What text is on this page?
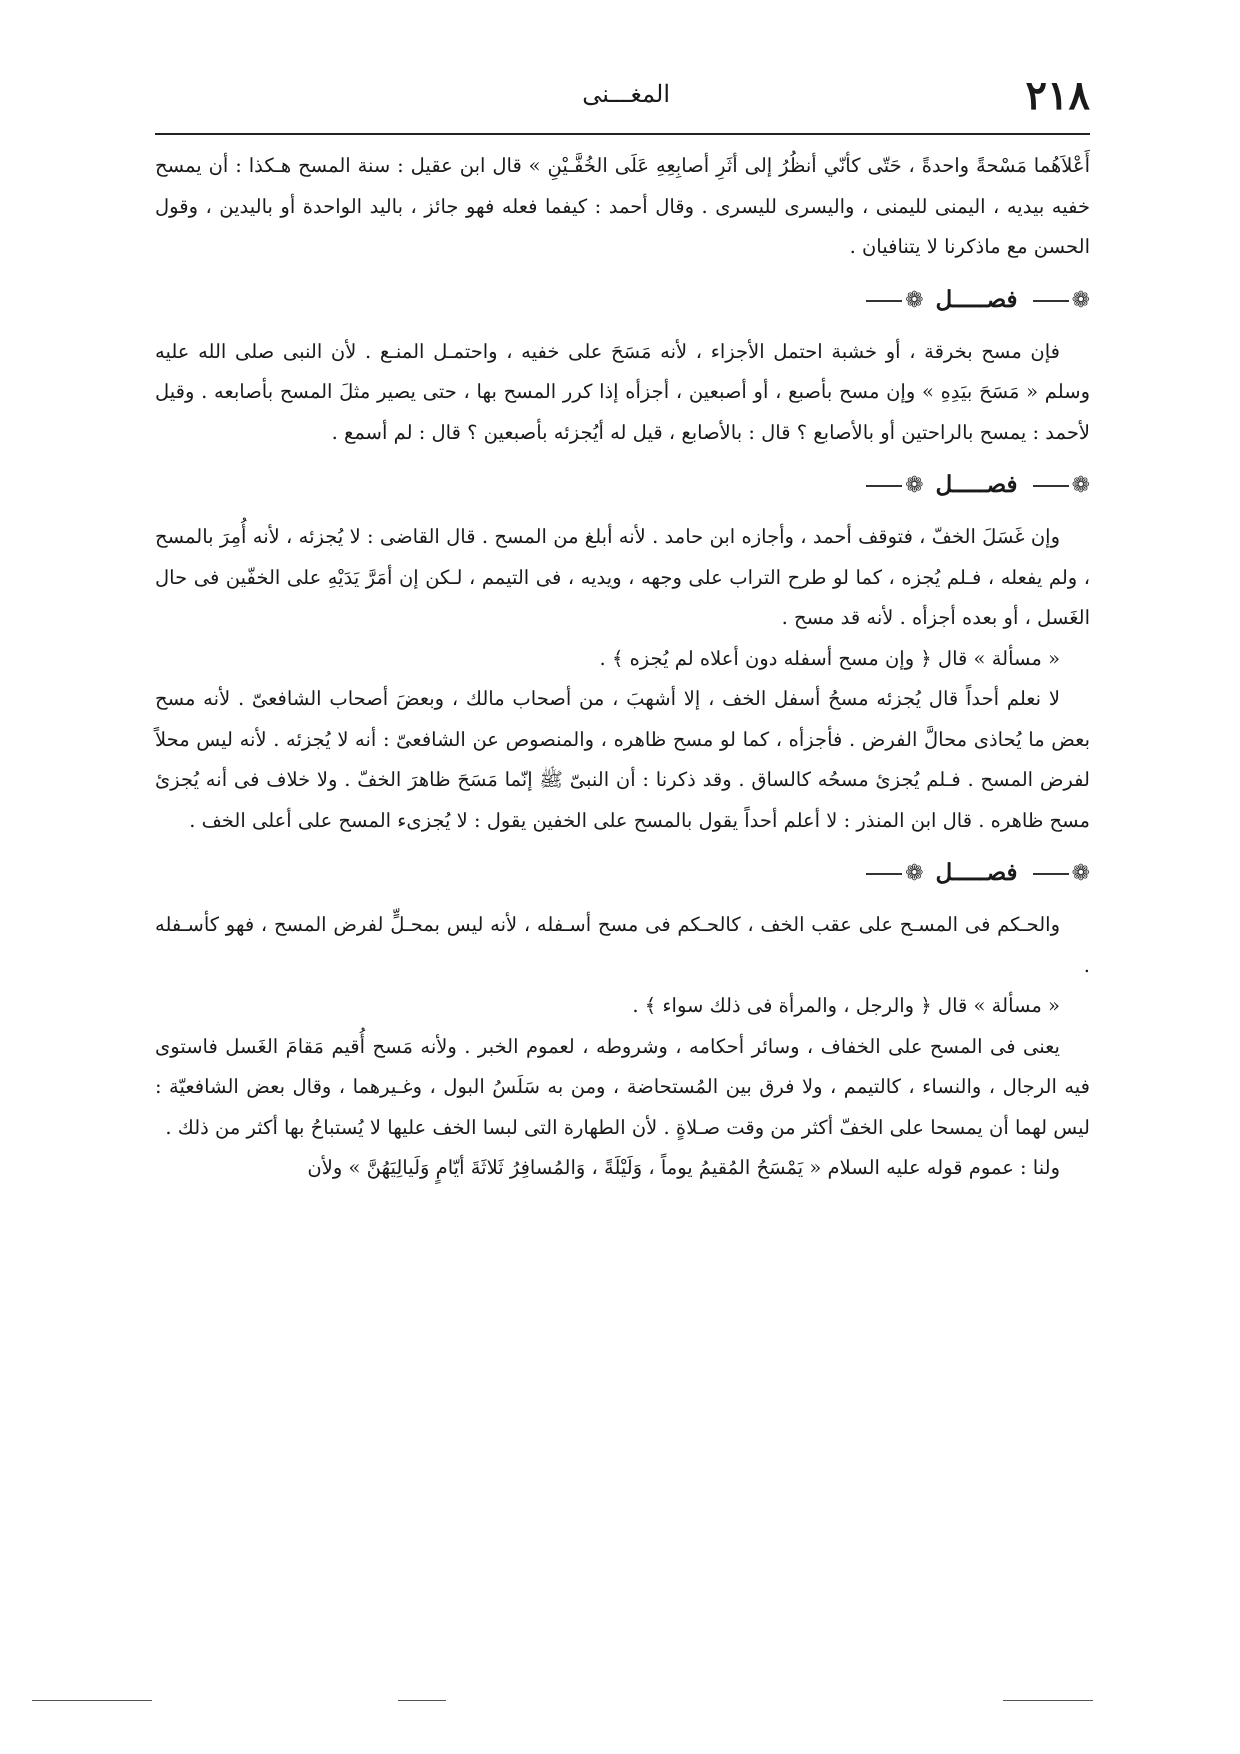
٢١٨
المغـــنى

أَعْلاَهُما مَسْحةً واحدةً ، حَتّى كأنّي أنظُرُ إلى أثَرِ أصابِعِهِ عَلَى الخُفَّـيْنِ » قال ابن عقيل : سنة المسح هـكذا : أن يمسح خفيه بيديه ، اليمنى لليمنى ، واليسرى لليسرى . وقال أحمد : كيفما فعله فهو جائز ، باليد الواحدة أو باليدين ، وقول الحسن مع ماذكرنا لا يتنافيان .

❁فصـــــل❁

فإن مسح بخرقة ، أو خشبة احتمل الأجزاء ، لأنه مَسَحَ على خفيه ، واحتمـل المنـع . لأن النبى صلى الله عليه وسلم « مَسَحَ بيَدِهِ » وإن مسح بأصبع ، أو أصبعين ، أجزأه إذا كرر المسح بها ، حتى يصير مثلَ المسح بأصابعه . وقيل لأحمد : يمسح بالراحتين أو بالأصابع ؟ قال : بالأصابع ، قيل له أيُجزئه بأصبعين ؟ قال : لم أسمع .

❁فصـــــل❁

وإن غَسَلَ الخفّ ، فتوقف أحمد ، وأجازه ابن حامد . لأنه أبلغ من المسح . قال القاضى : لا يُجزئه ، لأنه أُمِرَ بالمسح ، ولم يفعله ، فـلم يُجزه ، كما لو طرح التراب على وجهه ، ويديه ، فى التيمم ، لـكن إن أمَرَّ يَدَيْهِ على الخفّين فى حال الغَسل ، أو بعده أجزأه . لأنه قد مسح .

« مسألة » قال ﴿ وإن مسح أسفله دون أعلاه لم يُجزه ﴾ .

لا نعلم أحداً قال يُجزئه مسحُ أسفل الخف ، إلا أشهبَ ، من أصحاب مالك ، وبعضَ أصحاب الشافعىّ . لأنه مسح بعض ما يُحاذى محالَّ الفرض . فأجزأه ، كما لو مسح ظاهره ، والمنصوص عن الشافعىّ : أنه لا يُجزئه . لأنه ليس محلاً لفرض المسح . فـلم يُجزئ مسحُه كالساق . وقد ذكرنا : أن النبىّ ﷺ إنّما مَسَحَ ظاهرَ الخفّ . ولا خلاف فى أنه يُجزئ مسح ظاهره . قال ابن المنذر : لا أعلم أحداً يقول بالمسح على الخفين يقول : لا يُجزىء المسح على أعلى الخف .

❁فصـــــل❁

والحـكم فى المسـح على عقب الخف ، كالحـكم فى مسح أسـفله ، لأنه ليس بمحـلٍّ لفرض المسح ، فهو كأسـفله .

« مسألة » قال ﴿ والرجل ، والمرأة فى ذلك سواء ﴾ .

يعنى فى المسح على الخفاف ، وسائر أحكامه ، وشروطه ، لعموم الخبر . ولأنه مَسح أُقيم مَقامَ الغَسل فاستوى فيه الرجال ، والنساء ، كالتيمم ، ولا فرق بين المُستحاضة ، ومن به سَلَسُ البول ، وغـيرهما ، وقال بعض الشافعيّة : ليس لهما أن يمسحا على الخفّ أكثر من وقت صـلاةٍ . لأن الطهارة التى لبسا الخف عليها لا يُستباحُ بها أكثر من ذلك .

ولنا : عموم قوله عليه السلام « يَمْسَحُ المُقيمُ يوماً ، وَلَيْلَةً ، وَالمُسافِرُ ثَلاثَةَ أيّامٍ وَلَيالِيَهُنَّ » ولأن
